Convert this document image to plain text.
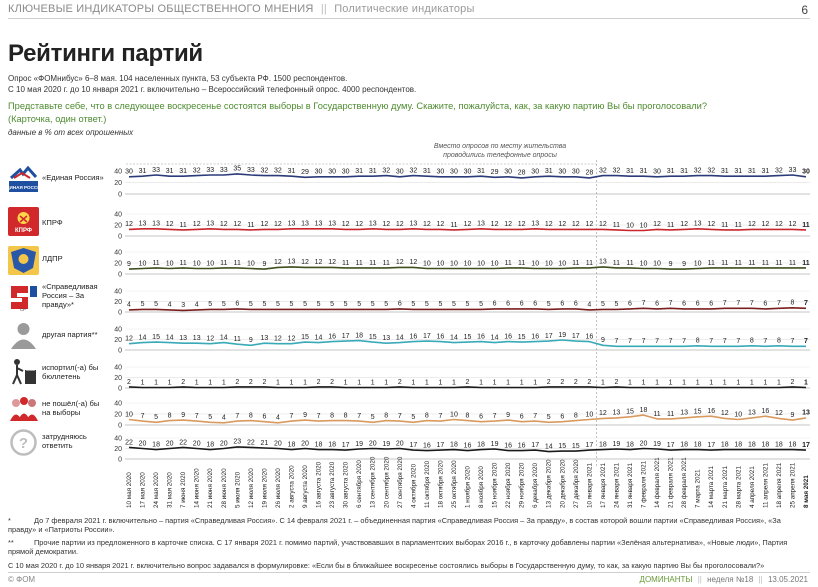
КЛЮЧЕВЫЕ ИНДИКАТОРЫ ОБЩЕСТВЕННОГО МНЕНИЯ || Политические индикаторы	6
Рейтинги партий
Опрос «ФОМнибус» 6–8 мая. 104 населенных пункта, 53 субъекта РФ. 1500 респондентов.
С 10 мая 2020 г. до 10 января 2021 г. включительно – Всероссийский телефонный опрос. 4000 респондентов.
Представьте себе, что в следующее воскресенье состоятся выборы в Государственную думу. Скажите, пожалуйста, как, за какую партию Вы бы проголосовали?
(Карточка, один ответ.)
данные в % от всех опрошенных
Вместо опросов по месту жительства
проводились телефонные опросы
ЕДИНАЯ РОССИЯ
КПРФ
СР
?
«Единая Россия»
КПРФ
ЛДПР
«Справедливая Россия – За правду»*
другая партия**
испортил(-а) бы бюллетень
не пошёл(-а) бы на выборы
затрудняюсь ответить
0
20
40 30 31 33 31 31 32 33 33 35 33 32 32 31 29 30 30 30 31 31 32 30 32 31 30 30 30 31 29 30 28 30 31 30 30 28 32 32 31 31 30 31 31 32 32 31 31 31 31 32 33 30
0
20
40
12 13 13 12 11 12 13 12 12 11 12 12 13 13 13 13 12 12 13 12 12 13 12 12 11 12 13 12 12 12 13 12 12 12 12 12 11 10 10 12 11 12 13 12 11 11 12 12 12 12 11
0
20
40
9 10 11 10 11 10 10 11 11 10 9 12 13 12 12 12 11 11 11 11 12 12 10 10 10 10 10 10 11 11 10 10 10 11 11 13 11 11 10 10 9 9 10 11 11 11 11 11 11 11 11
0
20
40
4 5 5 4 3 4 5 5 6 5 5 5 5 5 5 5 5 5 5 5 6 5 5 5 5 5 5 6 6 6 6 5 6 6 4 5 5 6 7 6 7 6 6 6 7 7 7 6 7 8 7
0
20
40
12 14 15 14 13 13 12 14 11 9 13 12 12 15 14 16 17 18 15 13 14 16 17 16 14 15 16 14 16 15 16 17 19 17 16
9 7 7 7 7 7 7 8 7 7 7 8 7 8 7 7
0
20
40
2 1 1 1 2 1 1 1 2 2 2 1 1 1 2 2 1 1 1 1 2 1 1 1 1 2 1 1 1 1 1 2 2 2 2 1 2 1 1 1 1 1 1 1 1 1 1 1 1 2 1
0
20
40
10 7 5 8 9 7 5 4 7 8 6 4 7 9 7 8 8 7 5 8 7 5 8 7 10 8 6 7 9 6 7 5 6 8 10 12 13 15 18
11 11 13 15 16 12 10 13 16 12 9 13
0
20
40
22 20 18 20 22 20 18 20 23 22 21 20 18 20 18 18 17 19 20 19 20 17 16 17 18 16 18 19 16 16 17 14 15 15 17 18 19 18 20 19 17 18 18 17 18 18 18 18 18 18 17
10 мая 2020 17 мая 2020 24 мая 2020 31 мая 2020 7 июня 2020 14 июня 2020 21 июня 2020 28 июня 2020 5 июля 2020 12 июля 2020 19 июля 2020 26 июля 2020 2 августа 2020 9 августа 2020 16 августа 2020 23 августа 2020 30 августа 2020 6 сентября 2020 13 сентября 2020 20 сентября 2020 27 сентября 2020 4 октября 2020 11 октября 2020 18 октября 2020 25 октября 2020 1 ноября 2020 8 ноября 2020 15 ноября 2020 22 ноября 2020 29 ноября 2020 6 декабря 2020 13 декабря 2020 20 декабря 2020 27 декабря 2020 10 января 2021 17 января 2021 24 января 2021 31 января 2021 7 февраля 2021 14 февраля 2021 21 февраля 2021 28 февраля 2021 7 марта 2021 14 марта 2021 21 марта 2021 28 марта 2021 4 апреля 2021 11 апреля 2021 18 апреля 2021 25 апреля 2021 8 мая 2021
*	До 7 февраля 2021 г. включительно – партия «Справедливая Россия». С 14 февраля 2021 г. – объединенная партия «Справедливая Россия – За правду», в состав которой вошли партии «Справедливая Россия», «За правду» и «Патриоты России».
**	Прочие партии из предложенного в карточке списка. С 17 января 2021 г. помимо партий, участвовавших в парламентских выборах 2016 г., в карточку добавлены партии «Зелёная альтернатива», «Новые люди», Партия прямой демократии.
С 10 мая 2020 г. до 10 января 2021 г. включительно вопрос задавался в формулировке: «Если бы в ближайшее воскресенье состоялись выборы в Государственную думу, то как, за какую партию Вы бы проголосовали?»
© ФОМ	ДОМИНАНТЫ || неделя №18 || 13.05.2021
